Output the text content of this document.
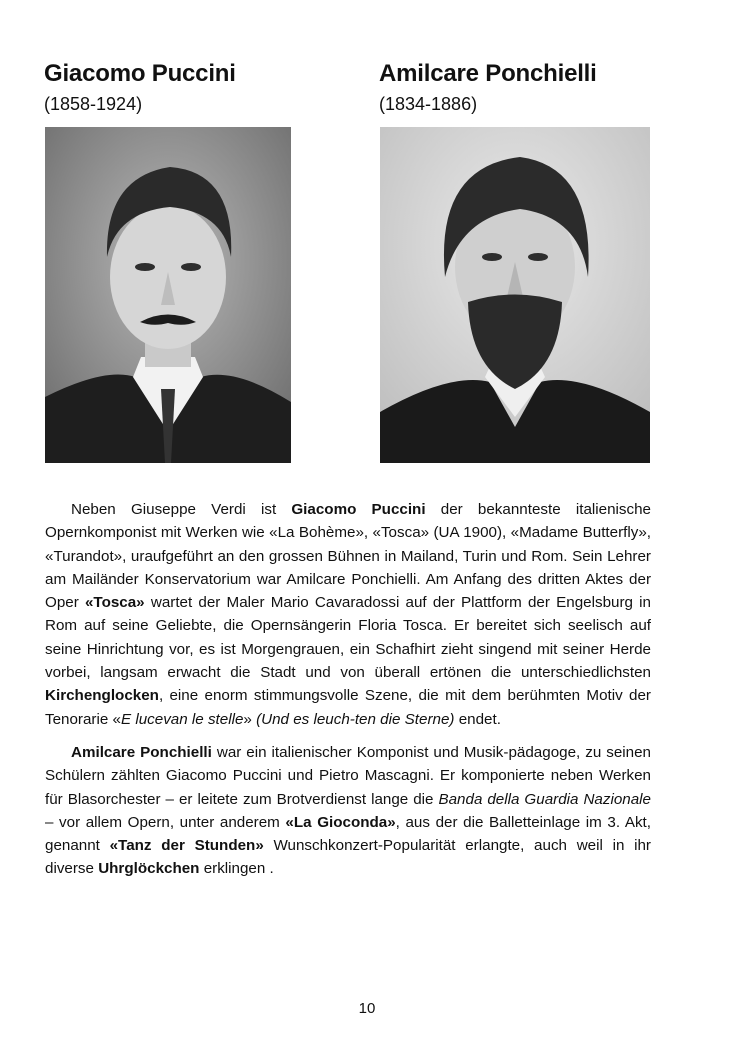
Giacomo Puccini
(1858-1924)
Amilcare Ponchielli
(1834-1886)

Neben Giuseppe Verdi ist Giacomo Puccini der bekannteste italienische Opernkomponist mit Werken wie «La Bohème», «Tosca» (UA 1900), «Madame Butterfly», «Turandot», uraufgeführt an den grossen Bühnen in Mailand, Turin und Rom. Sein Lehrer am Mailänder Konservatorium war Amilcare Ponchielli. Am Anfang des dritten Aktes der Oper «Tosca» wartet der Maler Mario Cavaradossi auf der Plattform der Engelsburg in Rom auf seine Geliebte, die Opernsängerin Floria Tosca. Er bereitet sich seelisch auf seine Hinrichtung vor, es ist Morgengrauen, ein Schafhirt zieht singend mit seiner Herde vorbei, langsam erwacht die Stadt und von überall ertönen die unterschiedlichsten Kirchenglocken, eine enorm stimmungsvolle Szene, die mit dem berühmten Motiv der Tenorarie «E lucevan le stelle» (Und es leuch-ten die Sterne) endet.

Amilcare Ponchielli war ein italienischer Komponist und Musik-pädagoge, zu seinen Schülern zählten Giacomo Puccini und Pietro Mascagni. Er komponierte neben Werken für Blasorchester – er leitete zum Brotverdienst lange die Banda della Guardia Nazionale – vor allem Opern, unter anderem «La Gioconda», aus der die Balletteinlage im 3. Akt, genannt «Tanz der Stunden» Wunschkonzert-Popularität erlangte, auch weil in ihr diverse Uhrglöckchen erklingen .

10
